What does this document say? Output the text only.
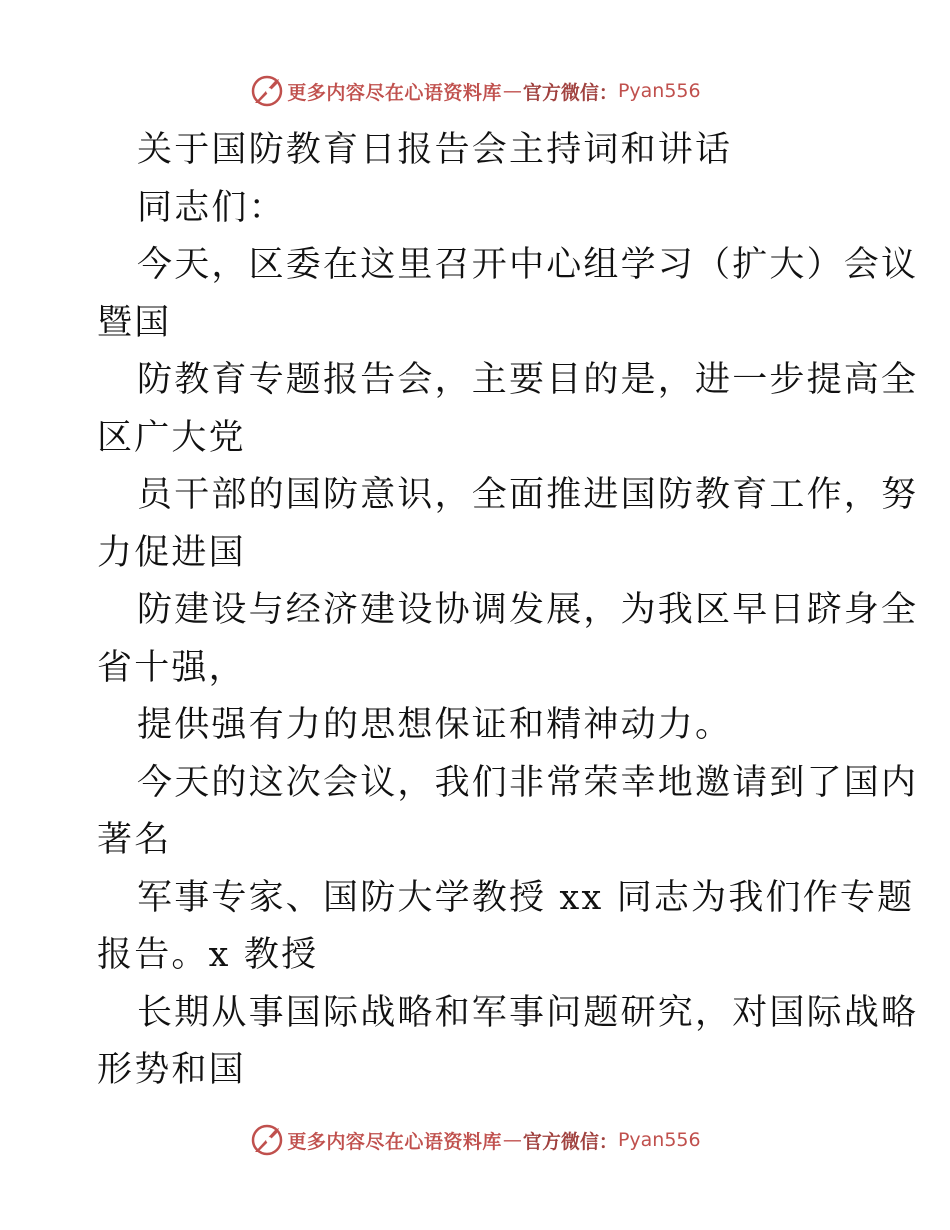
更多内容尽在心语资料库 — 官方微信： Pyan556
关于国防教育日报告会主持词和讲话
同志们：
今天，区委在这里召开中心组学习（扩大）会议
暨国
防教育专题报告会，主要目的是，进一步提高全
区广大党
员干部的国防意识，全面推进国防教育工作，努
力促进国
防建设与经济建设协调发展，为我区早日跻身全
省十强，
提供强有力的思想保证和精神动力。
今天的这次会议，我们非常荣幸地邀请到了国内
著名
军事专家、国防大学教授 xx 同志为我们作专题
报告。x 教授
长期从事国际战略和军事问题研究，对国际战略
形势和国
更多内容尽在心语资料库 — 官方微信： Pyan556
